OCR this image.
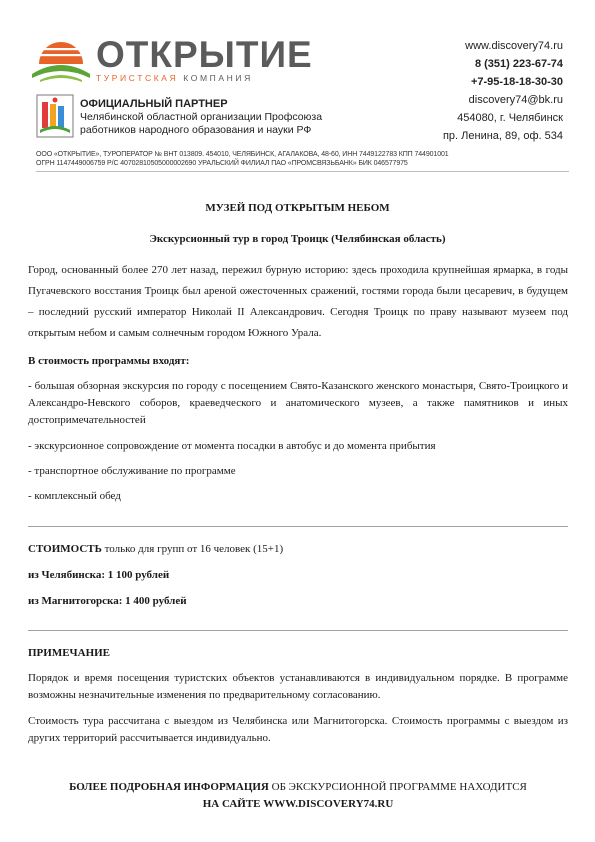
ОТКРЫТИЕ
ТУРИСТСКАЯ КОМПАНИЯ
ОФИЦИАЛЬНЫЙ ПАРТНЕР
Челябинской областной организации Профсоюза
работников народного образования и науки РФ
www.discovery74.ru
8 (351) 223-67-74
+7-95-18-18-30-30
discovery74@bk.ru
454080, г. Челябинск
пр. Ленина, 89, оф. 534
ООО «ОТКРЫТИЕ», ТУРОПЕРАТОР № ВНТ 013809. 454010, ЧЕЛЯБИНСК, АГАЛАКОВА, 48-60, ИНН 7449122783 КПП 744901001
ОГРН 1147449006759 Р/С 40702810505000002690 УРАЛЬСКИЙ ФИЛИАЛ ПАО «ПРОМСВЯЗЬБАНК» БИК 046577975
МУЗЕЙ ПОД ОТКРЫТЫМ НЕБОМ
Экскурсионный тур в город Троицк (Челябинская область)
Город, основанный более 270 лет назад, пережил бурную историю: здесь проходила крупнейшая ярмарка, в годы Пугачевского восстания Троицк был ареной ожесточенных сражений, гостями города были цесаревич, в будущем – последний русский император Николай II Александрович. Сегодня Троицк по праву называют музеем под открытым небом и самым солнечным городом Южного Урала.
В стоимость программы входят:
- большая обзорная экскурсия по городу с посещением Свято-Казанского женского монастыря, Свято-Троицкого и Александро-Невского соборов, краеведческого и анатомического музеев, а также памятников и иных достопримечательностей
- экскурсионное сопровождение от момента посадки в автобус и до момента прибытия
- транспортное обслуживание по программе
- комплексный обед
СТОИМОСТЬ только для групп от 16 человек (15+1)
из Челябинска: 1 100 рублей
из Магнитогорска: 1 400 рублей
ПРИМЕЧАНИЕ
Порядок и время посещения туристских объектов устанавливаются в индивидуальном порядке. В программе возможны незначительные изменения по предварительному согласованию.
Стоимость тура рассчитана с выездом из Челябинска или Магнитогорска. Стоимость программы с выездом из других территорий рассчитывается индивидуально.
БОЛЕЕ ПОДРОБНАЯ ИНФОРМАЦИЯ ОБ ЭКСКУРСИОННОЙ ПРОГРАММЕ НАХОДИТСЯ
НА САЙТЕ WWW.DISCOVERY74.RU
